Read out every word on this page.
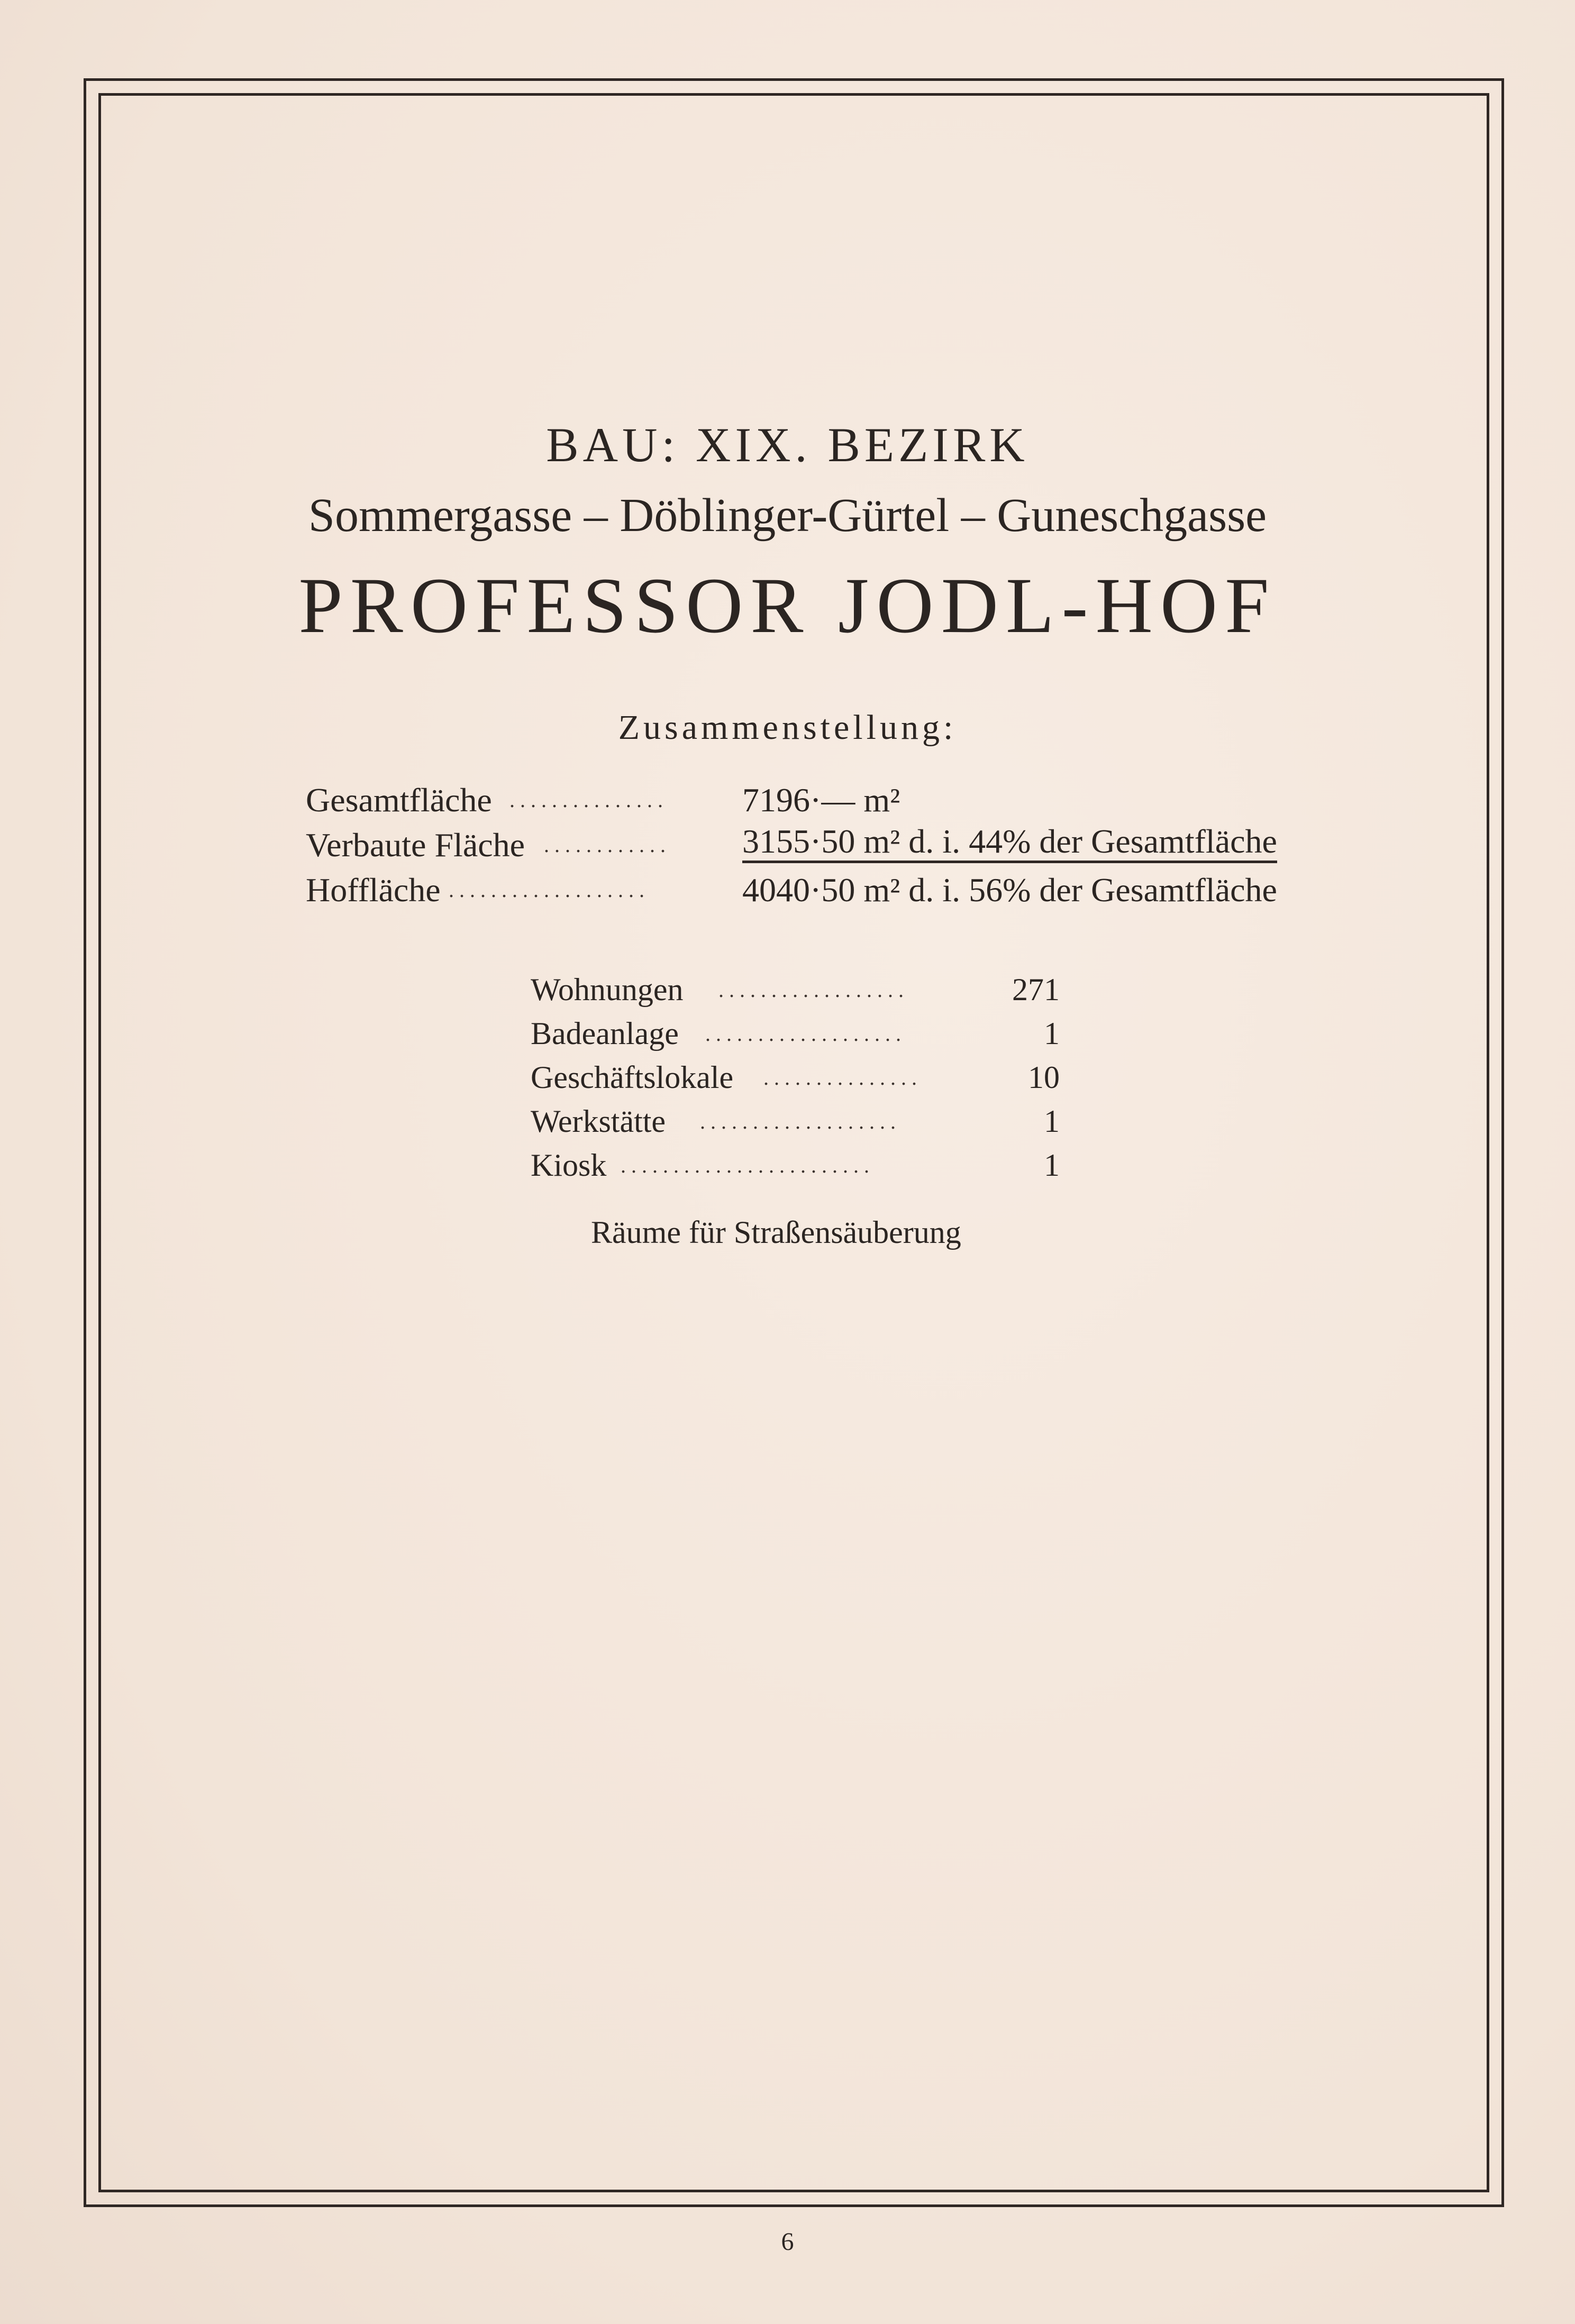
BAU: XIX. BEZIRK
Sommergasse – Döblinger-Gürtel – Guneschgasse
PROFESSOR JODL-HOF
Zusammenstellung:
Gesamtfläche ...............	7196·— m²
Verbaute Fläche ............	3155·50 m² d. i. 44% der Gesamtfläche
Hoffläche ...................	4040·50 m² d. i. 56% der Gesamtfläche
Wohnungen ..................	271
Badeanlage ...................	1
Geschäftslokale ...............	10
Werkstätte ...................	1
Kiosk ........................	1
Räume für Straßensäuberung
6
